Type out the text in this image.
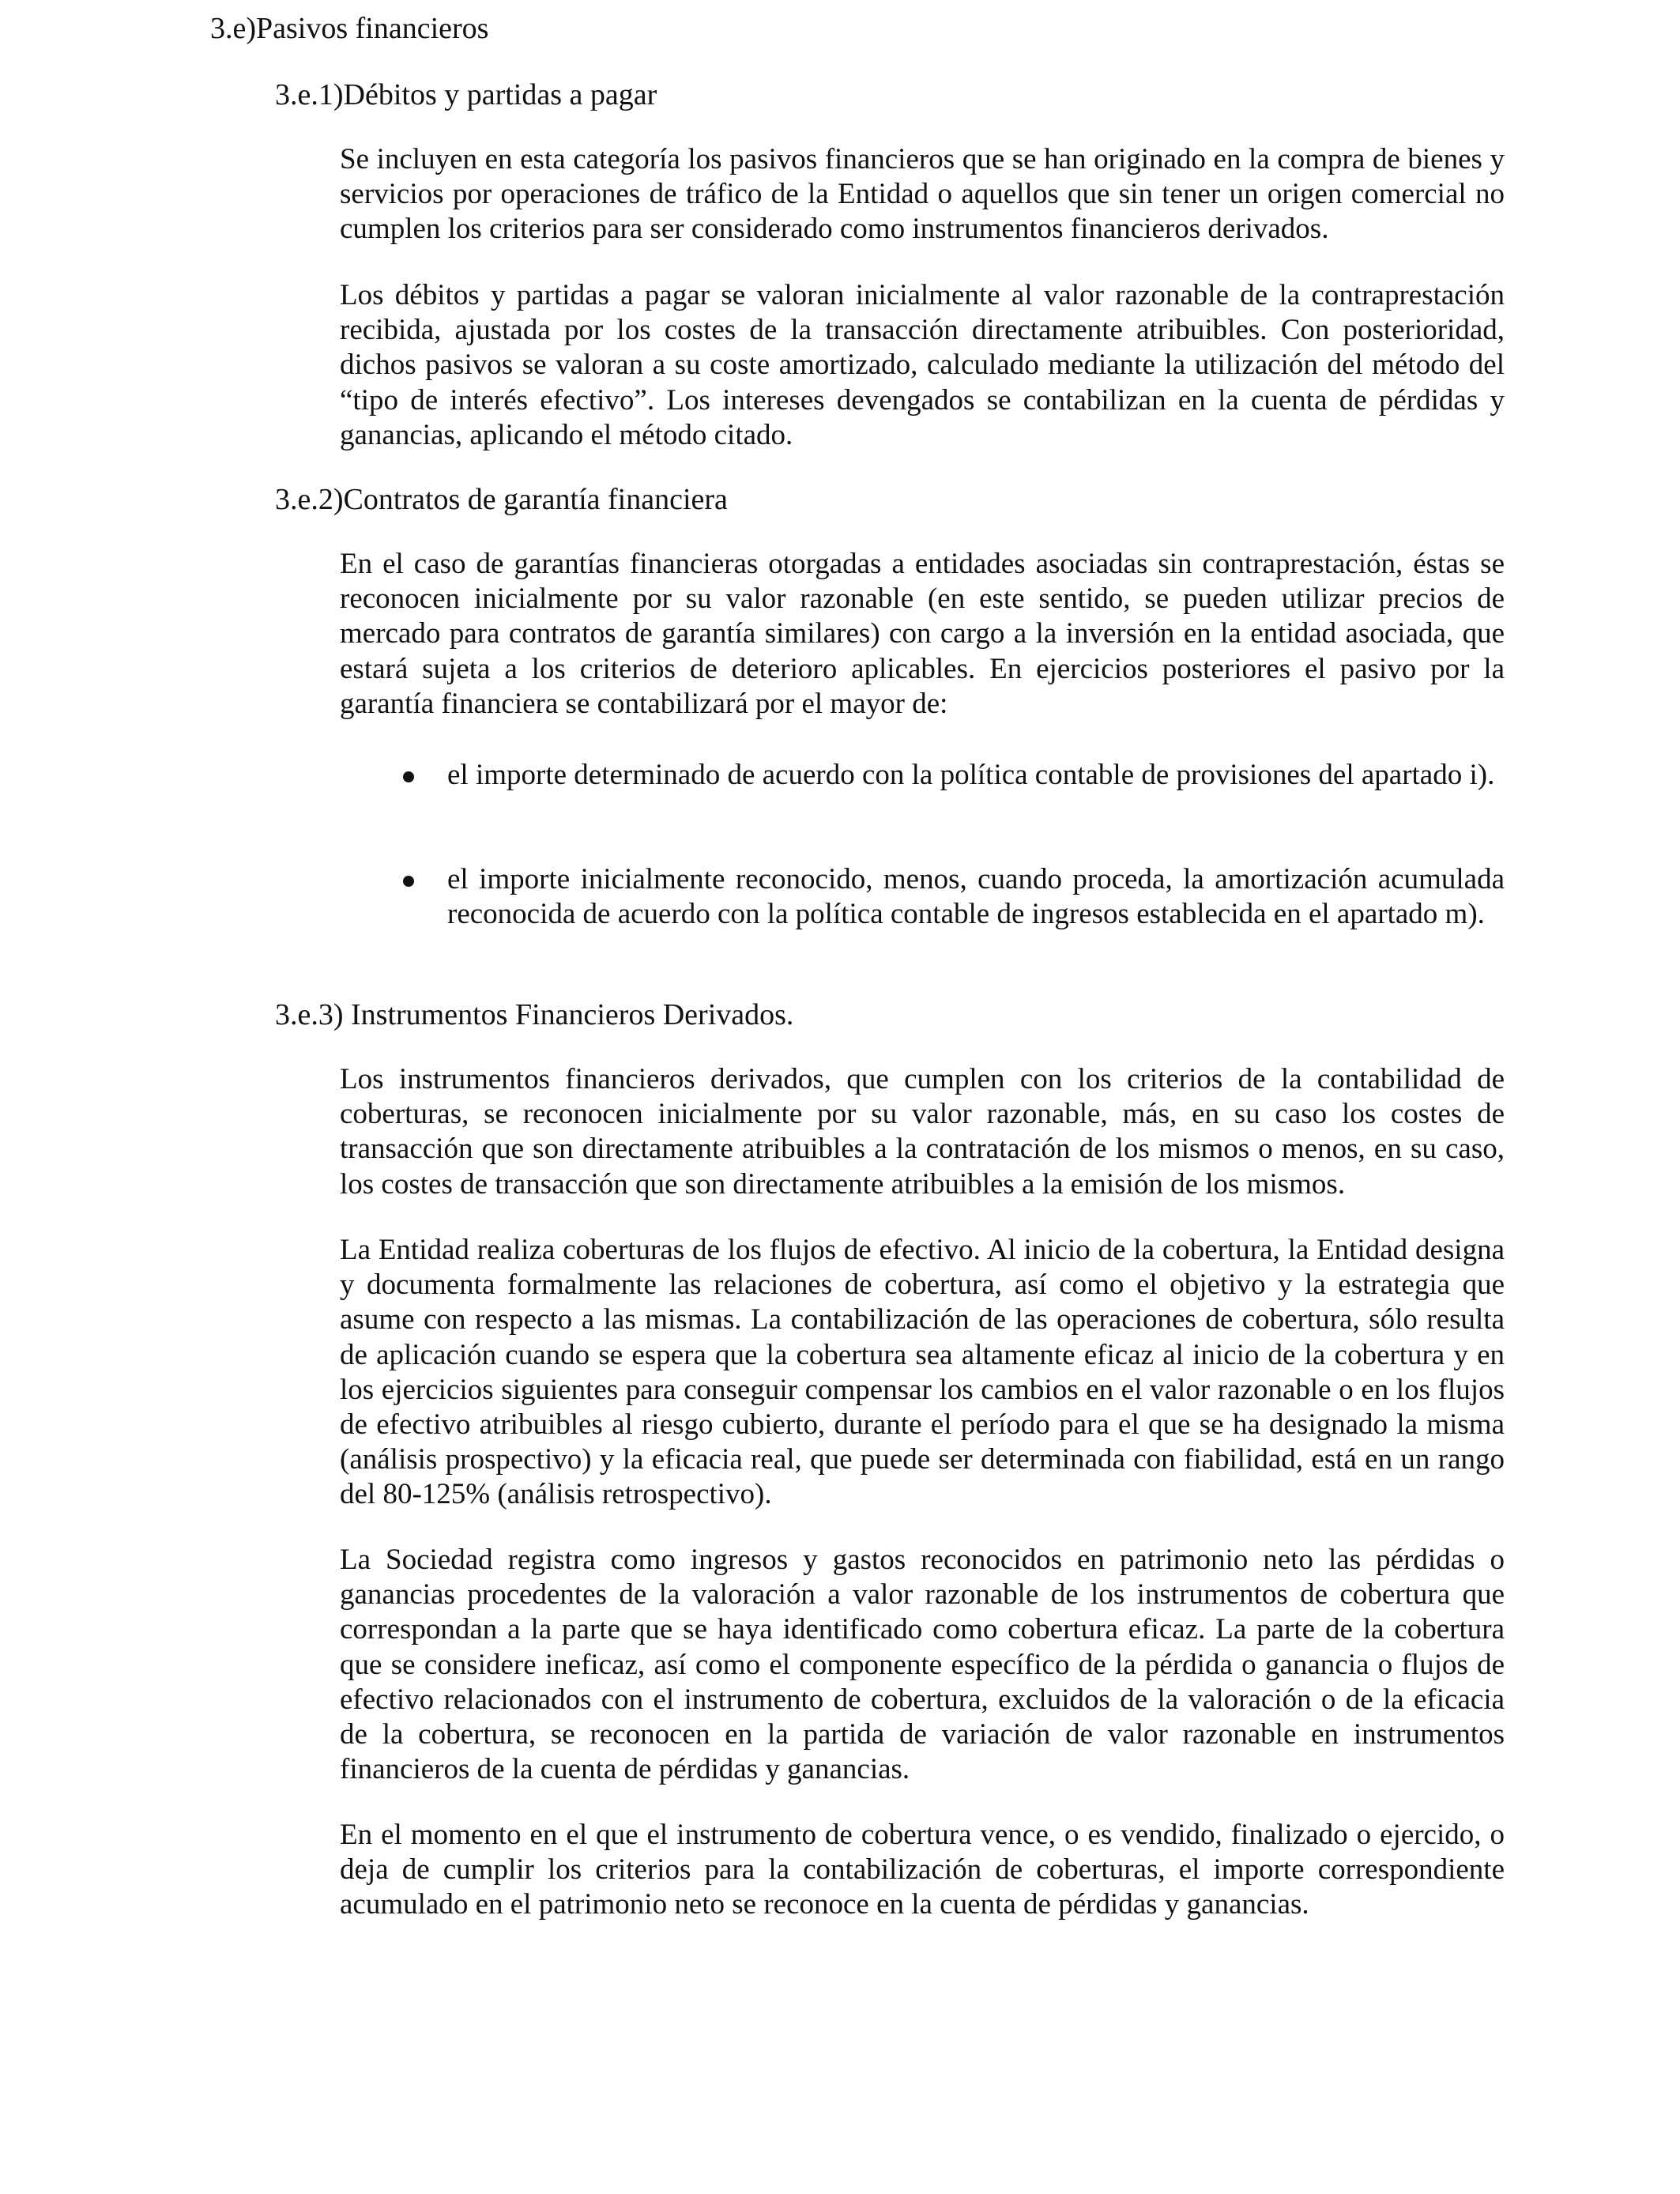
3.e)Pasivos financieros
3.e.1)Débitos y partidas a pagar

Se incluyen en esta categoría los pasivos financieros que se han originado en la compra de bienes y servicios por operaciones de tráfico de la Entidad o aquellos que sin tener un origen comercial no cumplen los criterios para ser considerado como instrumentos financieros derivados.

Los débitos y partidas a pagar se valoran inicialmente al valor razonable de la contraprestación recibida, ajustada por los costes de la transacción directamente atribuibles. Con posterioridad, dichos pasivos se valoran a su coste amortizado, calculado mediante la utilización del método del “tipo de interés efectivo”. Los intereses devengados se contabilizan en la cuenta de pérdidas y ganancias, aplicando el método citado.

3.e.2)Contratos de garantía financiera

En el caso de garantías financieras otorgadas a entidades asociadas sin contraprestación, éstas se reconocen inicialmente por su valor razonable (en este sentido, se pueden utilizar precios de mercado para contratos de garantía similares) con cargo a la inversión en la entidad asociada, que estará sujeta a los criterios de deterioro aplicables. En ejercicios posteriores el pasivo por la garantía financiera se contabilizará por el mayor de:

el importe determinado de acuerdo con la política contable de provisiones del apartado i).

el importe inicialmente reconocido, menos, cuando proceda, la amortización acumulada reconocida de acuerdo con la política contable de ingresos establecida en el apartado m).

3.e.3) Instrumentos Financieros Derivados.

Los instrumentos financieros derivados, que cumplen con los criterios de la contabilidad de coberturas, se reconocen inicialmente por su valor razonable, más, en su caso los costes de transacción que son directamente atribuibles a la contratación de los mismos o menos, en su caso, los costes de transacción que son directamente atribuibles a la emisión de los mismos.

La Entidad realiza coberturas de los flujos de efectivo. Al inicio de la cobertura, la Entidad designa y documenta formalmente las relaciones de cobertura, así como el objetivo y la estrategia que asume con respecto a las mismas. La contabilización de las operaciones de cobertura, sólo resulta de aplicación cuando se espera que la cobertura sea altamente eficaz al inicio de la cobertura y en los ejercicios siguientes para conseguir compensar los cambios en el valor razonable o en los flujos de efectivo atribuibles al riesgo cubierto, durante el período para el que se ha designado la misma (análisis prospectivo) y la eficacia real, que puede ser determinada con fiabilidad, está en un rango del 80-125% (análisis retrospectivo).

La Sociedad registra como ingresos y gastos reconocidos en patrimonio neto las pérdidas o ganancias procedentes de la valoración a valor razonable de los instrumentos de cobertura que correspondan a la parte que se haya identificado como cobertura eficaz. La parte de la cobertura que se considere ineficaz, así como el componente específico de la pérdida o ganancia o flujos de efectivo relacionados con el instrumento de cobertura, excluidos de la valoración o de la eficacia de la cobertura, se reconocen en la partida de variación de valor razonable en instrumentos financieros de la cuenta de pérdidas y ganancias.

En el momento en el que el instrumento de cobertura vence, o es vendido, finalizado o ejercido, o deja de cumplir los criterios para la contabilización de coberturas, el importe correspondiente acumulado en el patrimonio neto se reconoce en la cuenta de pérdidas y ganancias.
